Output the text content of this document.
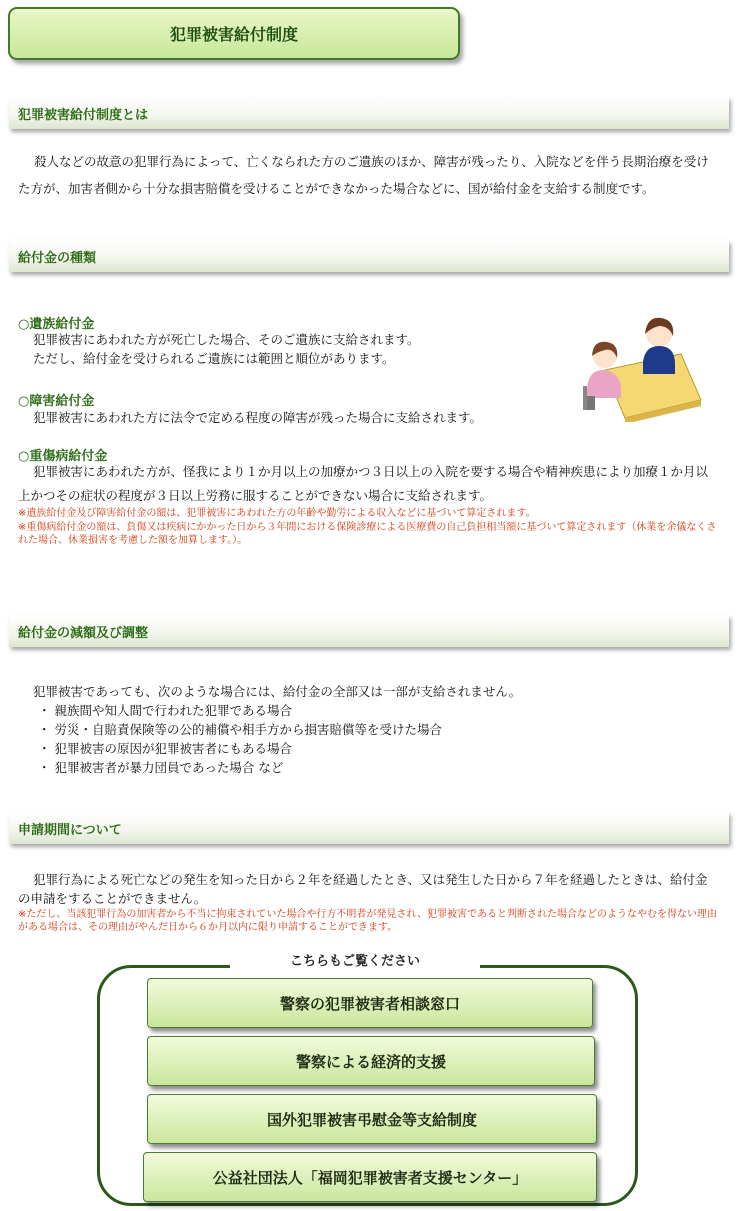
犯罪被害給付制度
犯罪被害給付制度とは
殺人などの故意の犯罪行為によって、亡くなられた方のご遺族のほか、障害が残ったり、入院などを伴う長期治療を受けた方が、加害者側から十分な損害賠償を受けることができなかった場合などに、国が給付金を支給する制度です。
給付金の種類
○遺族給付金
犯罪被害にあわれた方が死亡した場合、そのご遺族に支給されます。
ただし、給付金を受けられるご遺族には範囲と順位があります。
○障害給付金
犯罪被害にあわれた方に法令で定める程度の障害が残った場合に支給されます。
○重傷病給付金
犯罪被害にあわれた方が、怪我により１か月以上の加療かつ３日以上の入院を要する場合や精神疾患により加療１か月以上かつその症状の程度が３日以上労務に服することができない場合に支給されます。
※遺族給付金及び障害給付金の額は、犯罪被害にあわれた方の年齢や勤労による収入などに基づいて算定されます。
※重傷病給付金の額は、負傷又は疾病にかかった日から３年間における保険診療による医療費の自己負担相当額に基づいて算定されます（休業を余儀なくされた場合、休業損害を考慮した額を加算します。）。
給付金の減額及び調整
犯罪被害であっても、次のような場合には、給付金の全部又は一部が支給されません。
・ 親族間や知人間で行われた犯罪である場合
・ 労災・自賠責保険等の公的補償や相手方から損害賠償等を受けた場合
・ 犯罪被害の原因が犯罪被害者にもある場合
・ 犯罪被害者が暴力団員であった場合 など
申請期間について
犯罪行為による死亡などの発生を知った日から２年を経過したとき、又は発生した日から７年を経過したときは、給付金の申請をすることができません。
※ただし、当該犯罪行為の加害者から不当に拘束されていた場合や行方不明者が発見され、犯罪被害であると判断された場合などのようなやむを得ない理由がある場合は、その理由がやんだ日から６か月以内に限り申請することができます。
こちらもご覧ください
警察の犯罪被害者相談窓口
警察による経済的支援
国外犯罪被害弔慰金等支給制度
公益社団法人「福岡犯罪被害者支援センター」
